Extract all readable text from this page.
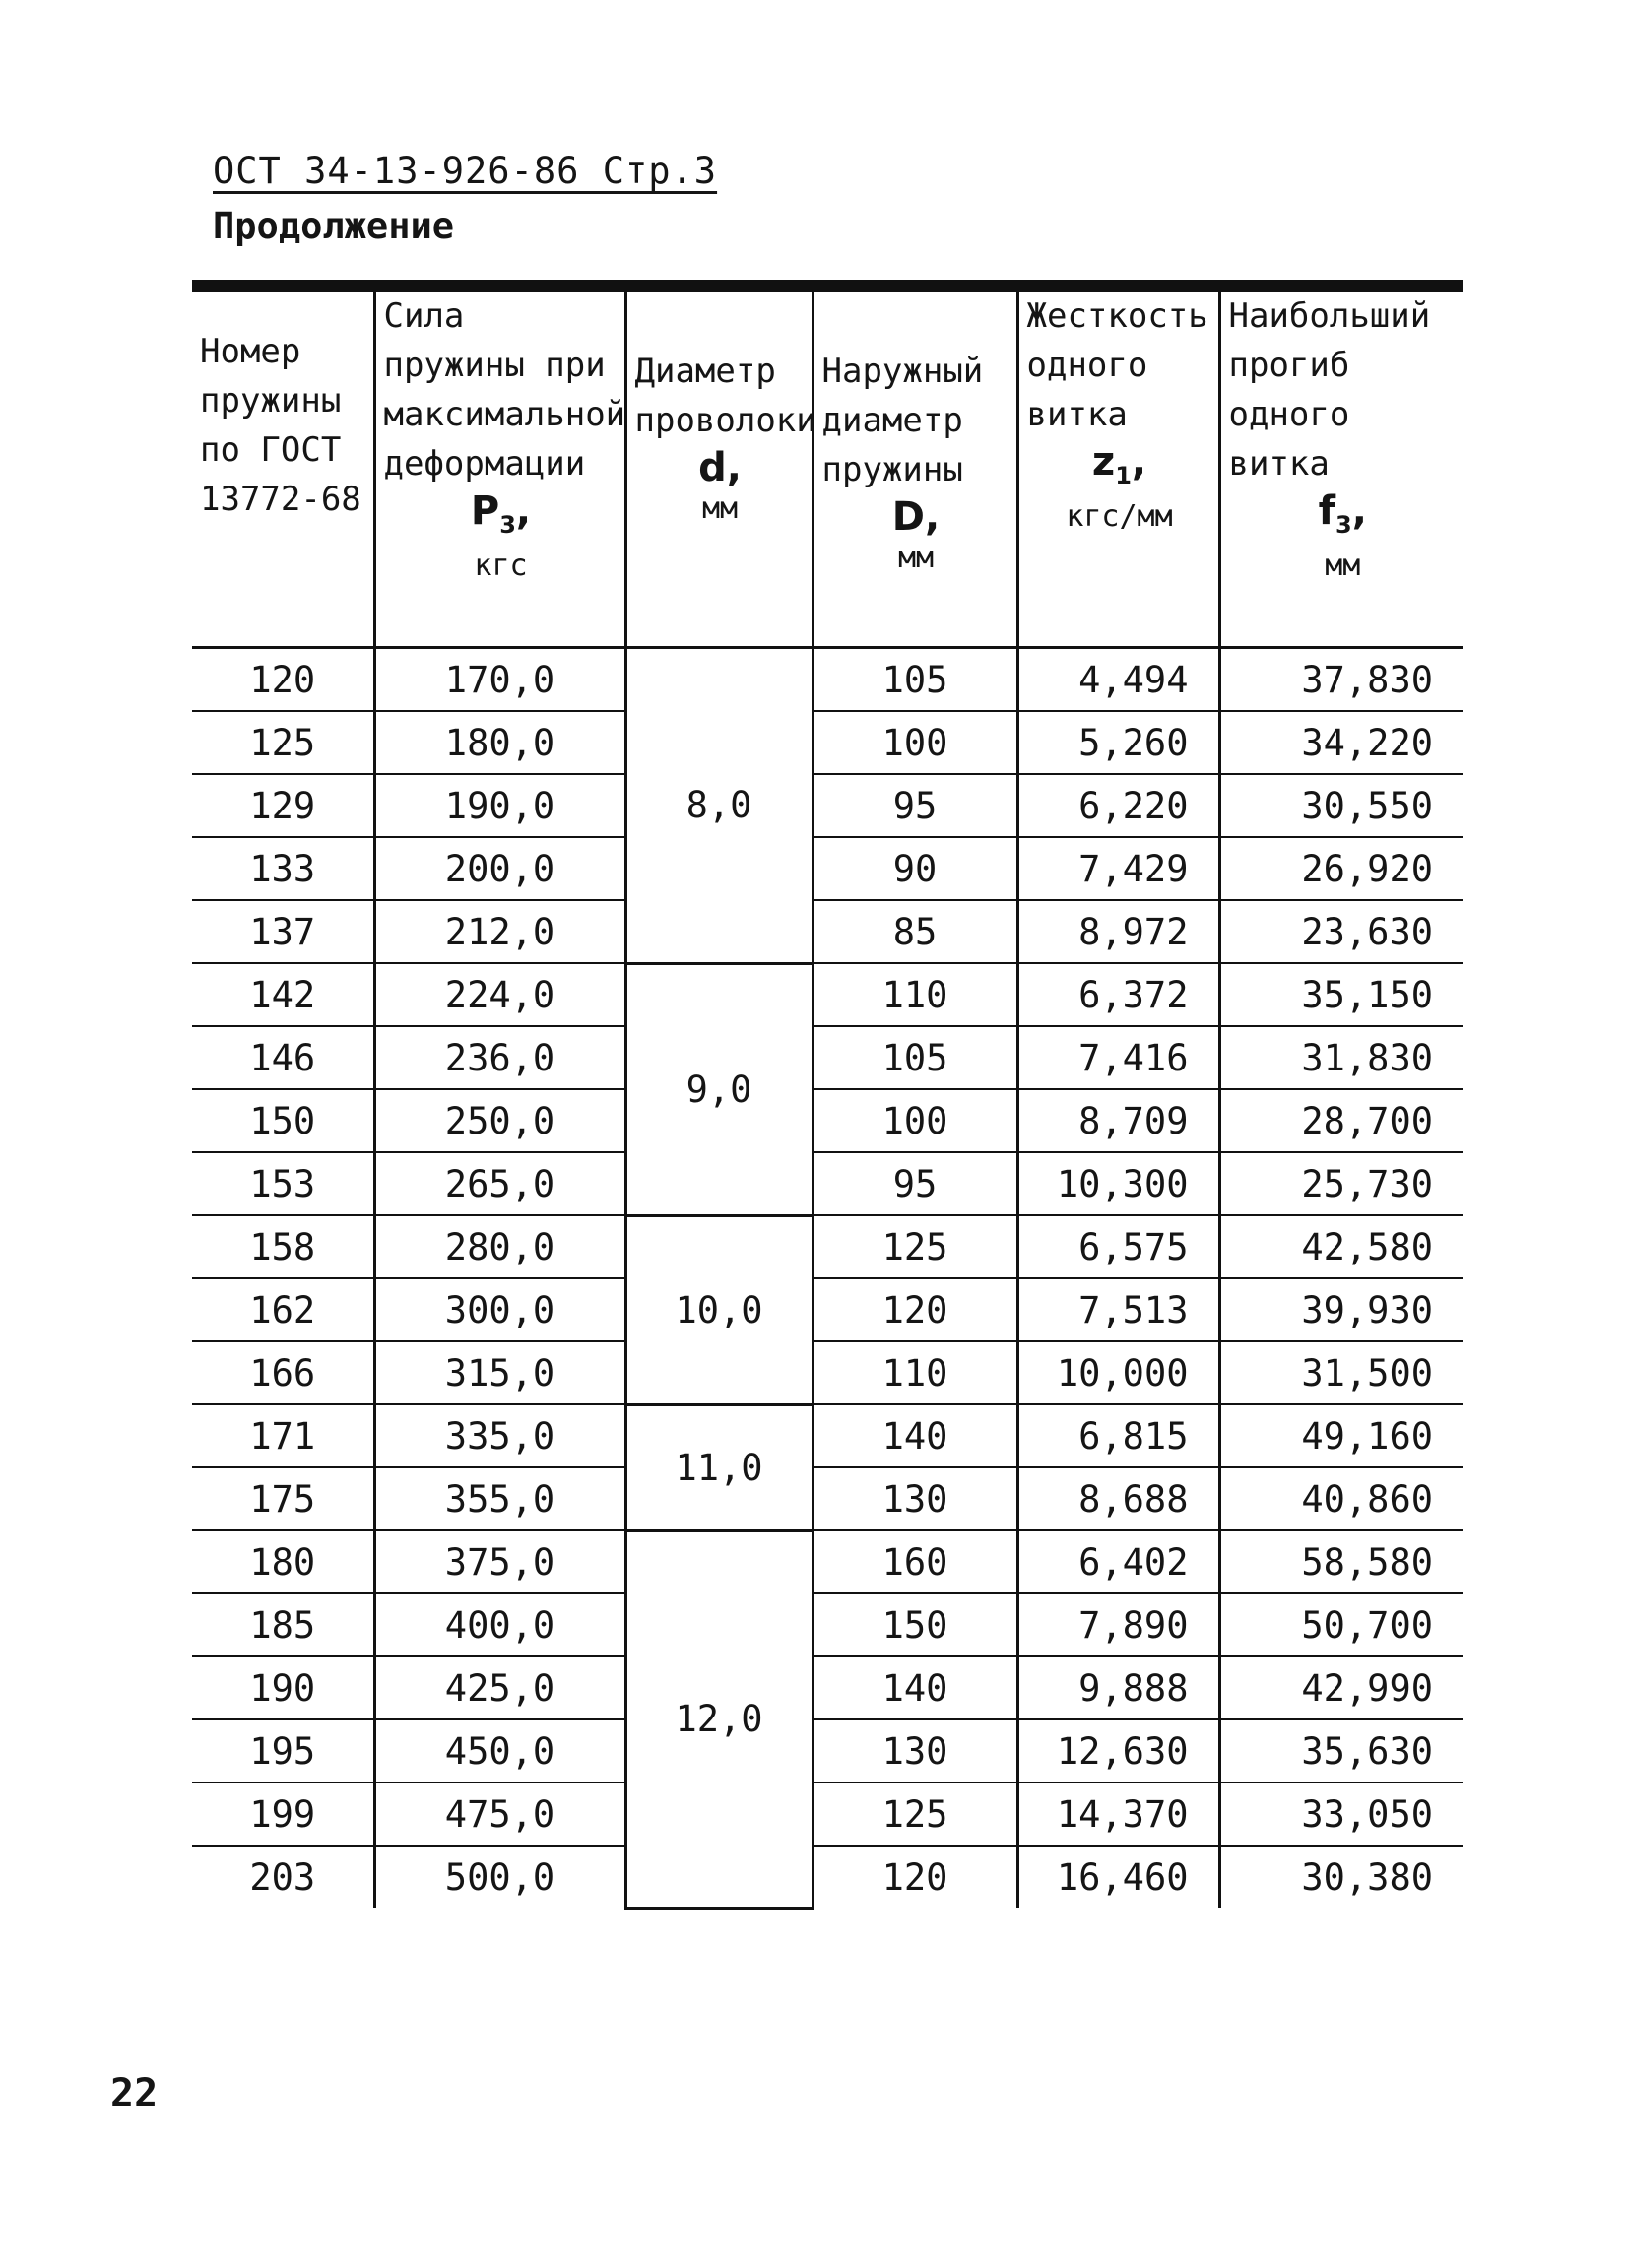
ОСТ 34-13-926-86 Стр.3
Продолжение
Номер пружины по ГОСТ 13772-68	Сила пружины при максимальной деформации
$P_3$,
кгс	Диаметр проволоки
d,
мм	Наружный диаметр пружины
D,
мм	Жесткость одного витка
$z_1$,
кгс/мм	Наибольший прогиб одного витка
$f_3$,
мм

120	170,0	8,0	105	4,494	37,830
125	180,0		100	5,260	34,220
129	190,0		95	6,220	30,550
133	200,0		90	7,429	26,920
137	212,0		85	8,972	23,630
142	224,0	9,0	110	6,372	35,150
146	236,0		105	7,416	31,830
150	250,0		100	8,709	28,700
153	265,0		95	10,300	25,730
158	280,0	10,0	125	6,575	42,580
162	300,0		120	7,513	39,930
166	315,0		110	10,000	31,500
171	335,0	11,0	140	6,815	49,160
175	355,0		130	8,688	40,860
180	375,0	12,0	160	6,402	58,580
185	400,0		150	7,890	50,700
190	425,0		140	9,888	42,990
195	450,0		130	12,630	35,630
199	475,0		125	14,370	33,050
203	500,0		120	16,460	30,380
22
